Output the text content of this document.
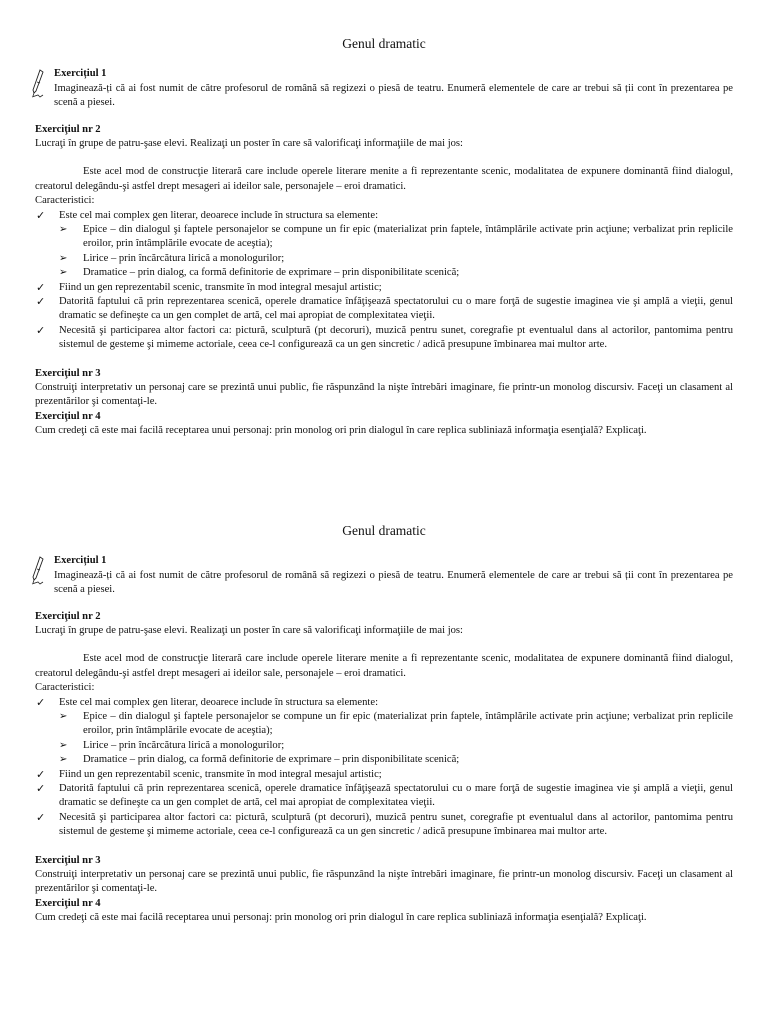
Genul dramatic
Exercițiul 1

Imaginează-ți că ai fost numit de către profesorul de română să regizezi o piesă de teatru. Enumeră elementele de care ar trebui să ții cont în prezentarea pe scenă a piesei.

Exerciţiul nr 2

Lucraţi în grupe de patru-şase elevi. Realizaţi un poster în care să valorificaţi informaţiile de mai jos:

Este acel mod de construcţie literară care include operele literare menite a fi reprezentante scenic, modalitatea de expunere dominantă fiind dialogul, creatorul delegându-şi astfel drept mesageri ai ideilor sale, personajele – eroi dramatici.

Caracteristici:
✓ Este cel mai complex gen literar, deoarece include în structura sa elemente:
➢ Epice – din dialogul şi faptele personajelor se compune un fir epic (materializat prin faptele, întâmplările activate prin acţiune; verbalizat prin replicile eroilor, prin întâmplările evocate de aceştia);
➢ Lirice – prin încărcătura lirică a monologurilor;
➢ Dramatice – prin dialog, ca formă definitorie de exprimare – prin disponibilitate scenică;
✓ Fiind un gen reprezentabil scenic, transmite în mod integral mesajul artistic;
✓ Datorită faptului că prin reprezentarea scenică, operele dramatice înfăţişează spectatorului cu o mare forţă de sugestie imaginea vie şi amplă a vieţii, genul dramatic se defineşte ca un gen complet de artă, cel mai apropiat de complexitatea vieţii.
✓ Necesită şi participarea altor factori ca: pictură, sculptură (pt decoruri), muzică pentru sunet, coregrafie pt eventualul dans al actorilor, pantomima pentru sistemul de gesteme şi mimeme actoriale, ceea ce-l configurează ca un gen sincretic / adică presupune îmbinarea mai multor arte.
Exerciţiul nr 3

Construiţi interpretativ un personaj care se prezintă unui public, fie răspunzând la nişte întrebări imaginare, fie printr-un monolog discursiv. Faceţi un clasament al prezentărilor şi comentaţi-le.

Exerciţiul nr 4

Cum credeţi că este mai facilă receptarea unui personaj: prin monolog ori prin dialogul în care replica subliniază informaţia esenţială? Explicaţi.

Genul dramatic
Exercițiul 1

Imaginează-ți că ai fost numit de către profesorul de română să regizezi o piesă de teatru. Enumeră elementele de care ar trebui să ții cont în prezentarea pe scenă a piesei.

Exerciţiul nr 2

Lucraţi în grupe de patru-şase elevi. Realizaţi un poster în care să valorificaţi informaţiile de mai jos:

Este acel mod de construcţie literară care include operele literare menite a fi reprezentante scenic, modalitatea de expunere dominantă fiind dialogul, creatorul delegându-şi astfel drept mesageri ai ideilor sale, personajele – eroi dramatici.

Caracteristici:
✓ Este cel mai complex gen literar, deoarece include în structura sa elemente:
➢ Epice – din dialogul şi faptele personajelor se compune un fir epic (materializat prin faptele, întâmplările activate prin acţiune; verbalizat prin replicile eroilor, prin întâmplările evocate de aceştia);
➢ Lirice – prin încărcătura lirică a monologurilor;
➢ Dramatice – prin dialog, ca formă definitorie de exprimare – prin disponibilitate scenică;
✓ Fiind un gen reprezentabil scenic, transmite în mod integral mesajul artistic;
✓ Datorită faptului că prin reprezentarea scenică, operele dramatice înfăţişează spectatorului cu o mare forţă de sugestie imaginea vie şi amplă a vieţii, genul dramatic se defineşte ca un gen complet de artă, cel mai apropiat de complexitatea vieţii.
✓ Necesită şi participarea altor factori ca: pictură, sculptură (pt decoruri), muzică pentru sunet, coregrafie pt eventualul dans al actorilor, pantomima pentru sistemul de gesteme şi mimeme actoriale, ceea ce-l configurează ca un gen sincretic / adică presupune îmbinarea mai multor arte.
Exerciţiul nr 3

Construiţi interpretativ un personaj care se prezintă unui public, fie răspunzând la nişte întrebări imaginare, fie printr-un monolog discursiv. Faceţi un clasament al prezentărilor şi comentaţi-le.

Exerciţiul nr 4

Cum credeţi că este mai facilă receptarea unui personaj: prin monolog ori prin dialogul în care replica subliniază informaţia esenţială? Explicaţi.
